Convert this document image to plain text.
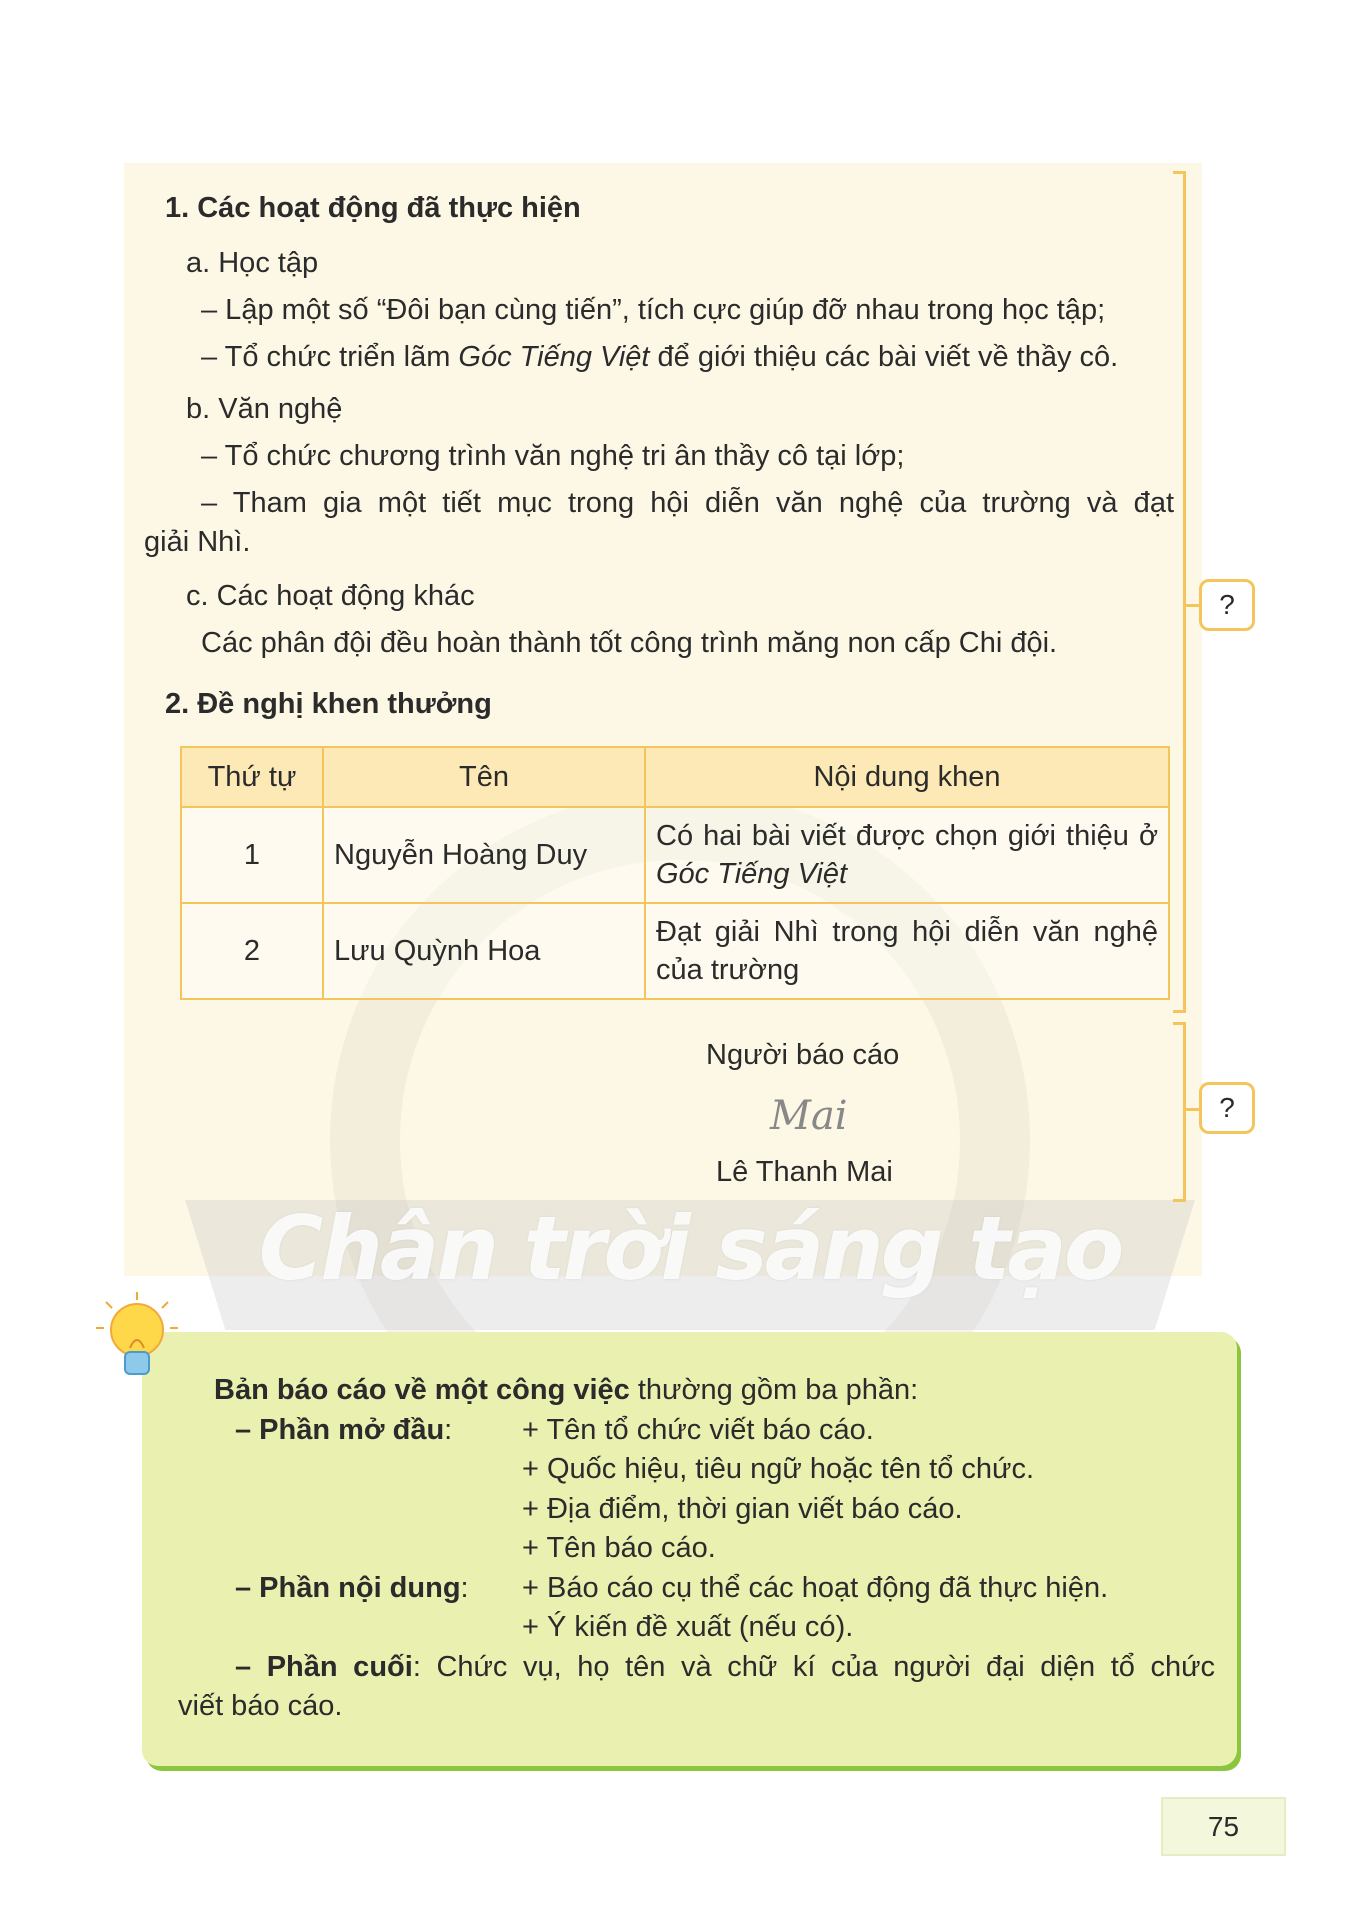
Chân trời sáng tạo
1. Các hoạt động đã thực hiện
a. Học tập
– Lập một số “Đôi bạn cùng tiến”, tích cực giúp đỡ nhau trong học tập;
– Tổ chức triển lãm Góc Tiếng Việt để giới thiệu các bài viết về thầy cô.
b. Văn nghệ
– Tổ chức chương trình văn nghệ tri ân thầy cô tại lớp;
– Tham gia một tiết mục trong hội diễn văn nghệ của trường và đạt
giải Nhì.
c. Các hoạt động khác
Các phân đội đều hoàn thành tốt công trình măng non cấp Chi đội.
2. Đề nghị khen thưởng
Thứ tự	Tên	Nội dung khen
1	Nguyễn Hoàng Duy	Có hai bài viết được chọn giới thiệu ở Góc Tiếng Việt
2	Lưu Quỳnh Hoa	Đạt giải Nhì trong hội diễn văn nghệ của trường
Người báo cáo
Mai
Lê Thanh Mai
?
?
Bản báo cáo về một công việc thường gồm ba phần:
– Phần mở đầu: + Tên tổ chức viết báo cáo.
+ Quốc hiệu, tiêu ngữ hoặc tên tổ chức.
+ Địa điểm, thời gian viết báo cáo.
+ Tên báo cáo.
– Phần nội dung: + Báo cáo cụ thể các hoạt động đã thực hiện.
+ Ý kiến đề xuất (nếu có).
– Phần cuối: Chức vụ, họ tên và chữ kí của người đại diện tổ chức
viết báo cáo.
75
